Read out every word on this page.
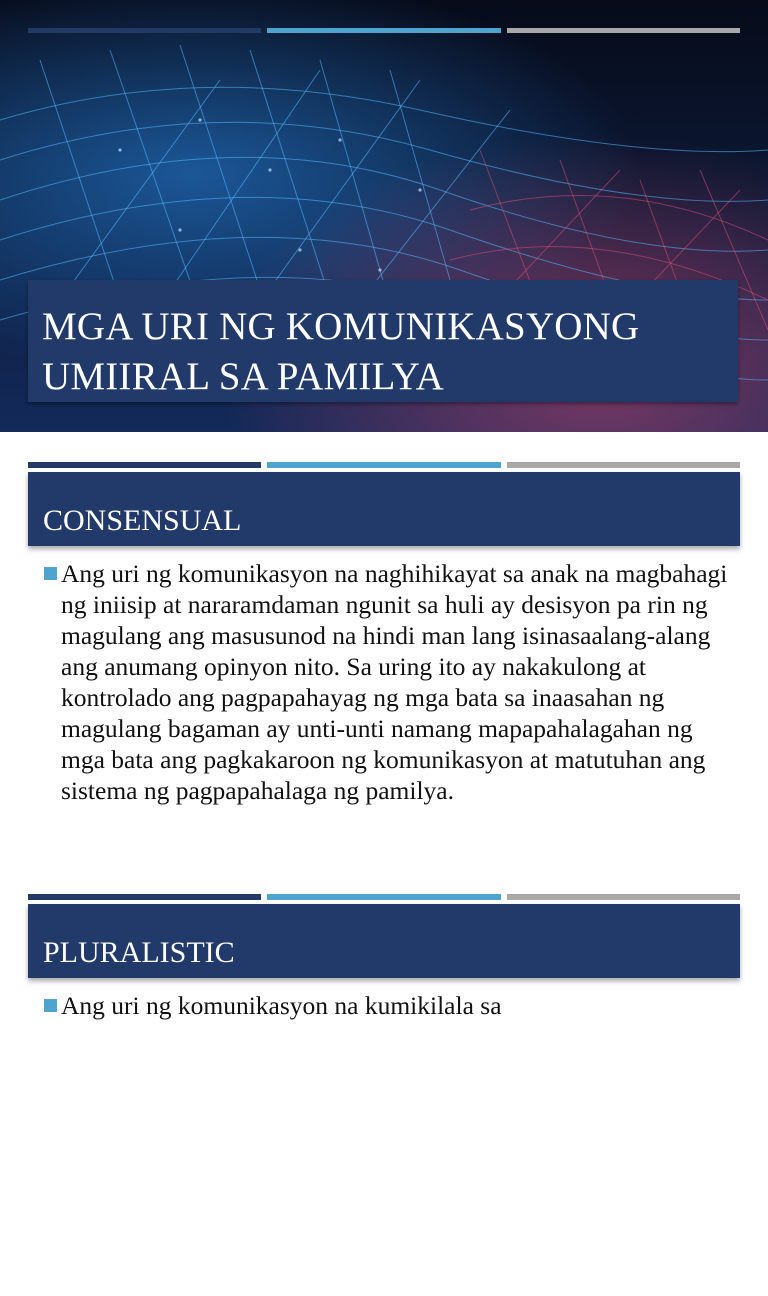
MGA URI NG KOMUNIKASYONG UMIIRAL SA PAMILYA
CONSENSUAL

Ang uri ng komunikasyon na naghihikayat sa anak na magbahagi ng iniisip at nararamdaman ngunit sa huli ay desisyon pa rin ng magulang ang masusunod na hindi man lang isinasaalang-alang ang anumang opinyon nito. Sa uring ito ay nakakulong at kontrolado ang pagpapahayag ng mga bata sa inaasahan ng magulang bagaman ay unti-unti namang mapapahalagahan ng mga bata ang pagkakaroon ng komunikasyon at matutuhan ang sistema ng pagpapahalaga ng pamilya.

PLURALISTIC

Ang uri ng komunikasyon na kumikilala sa
